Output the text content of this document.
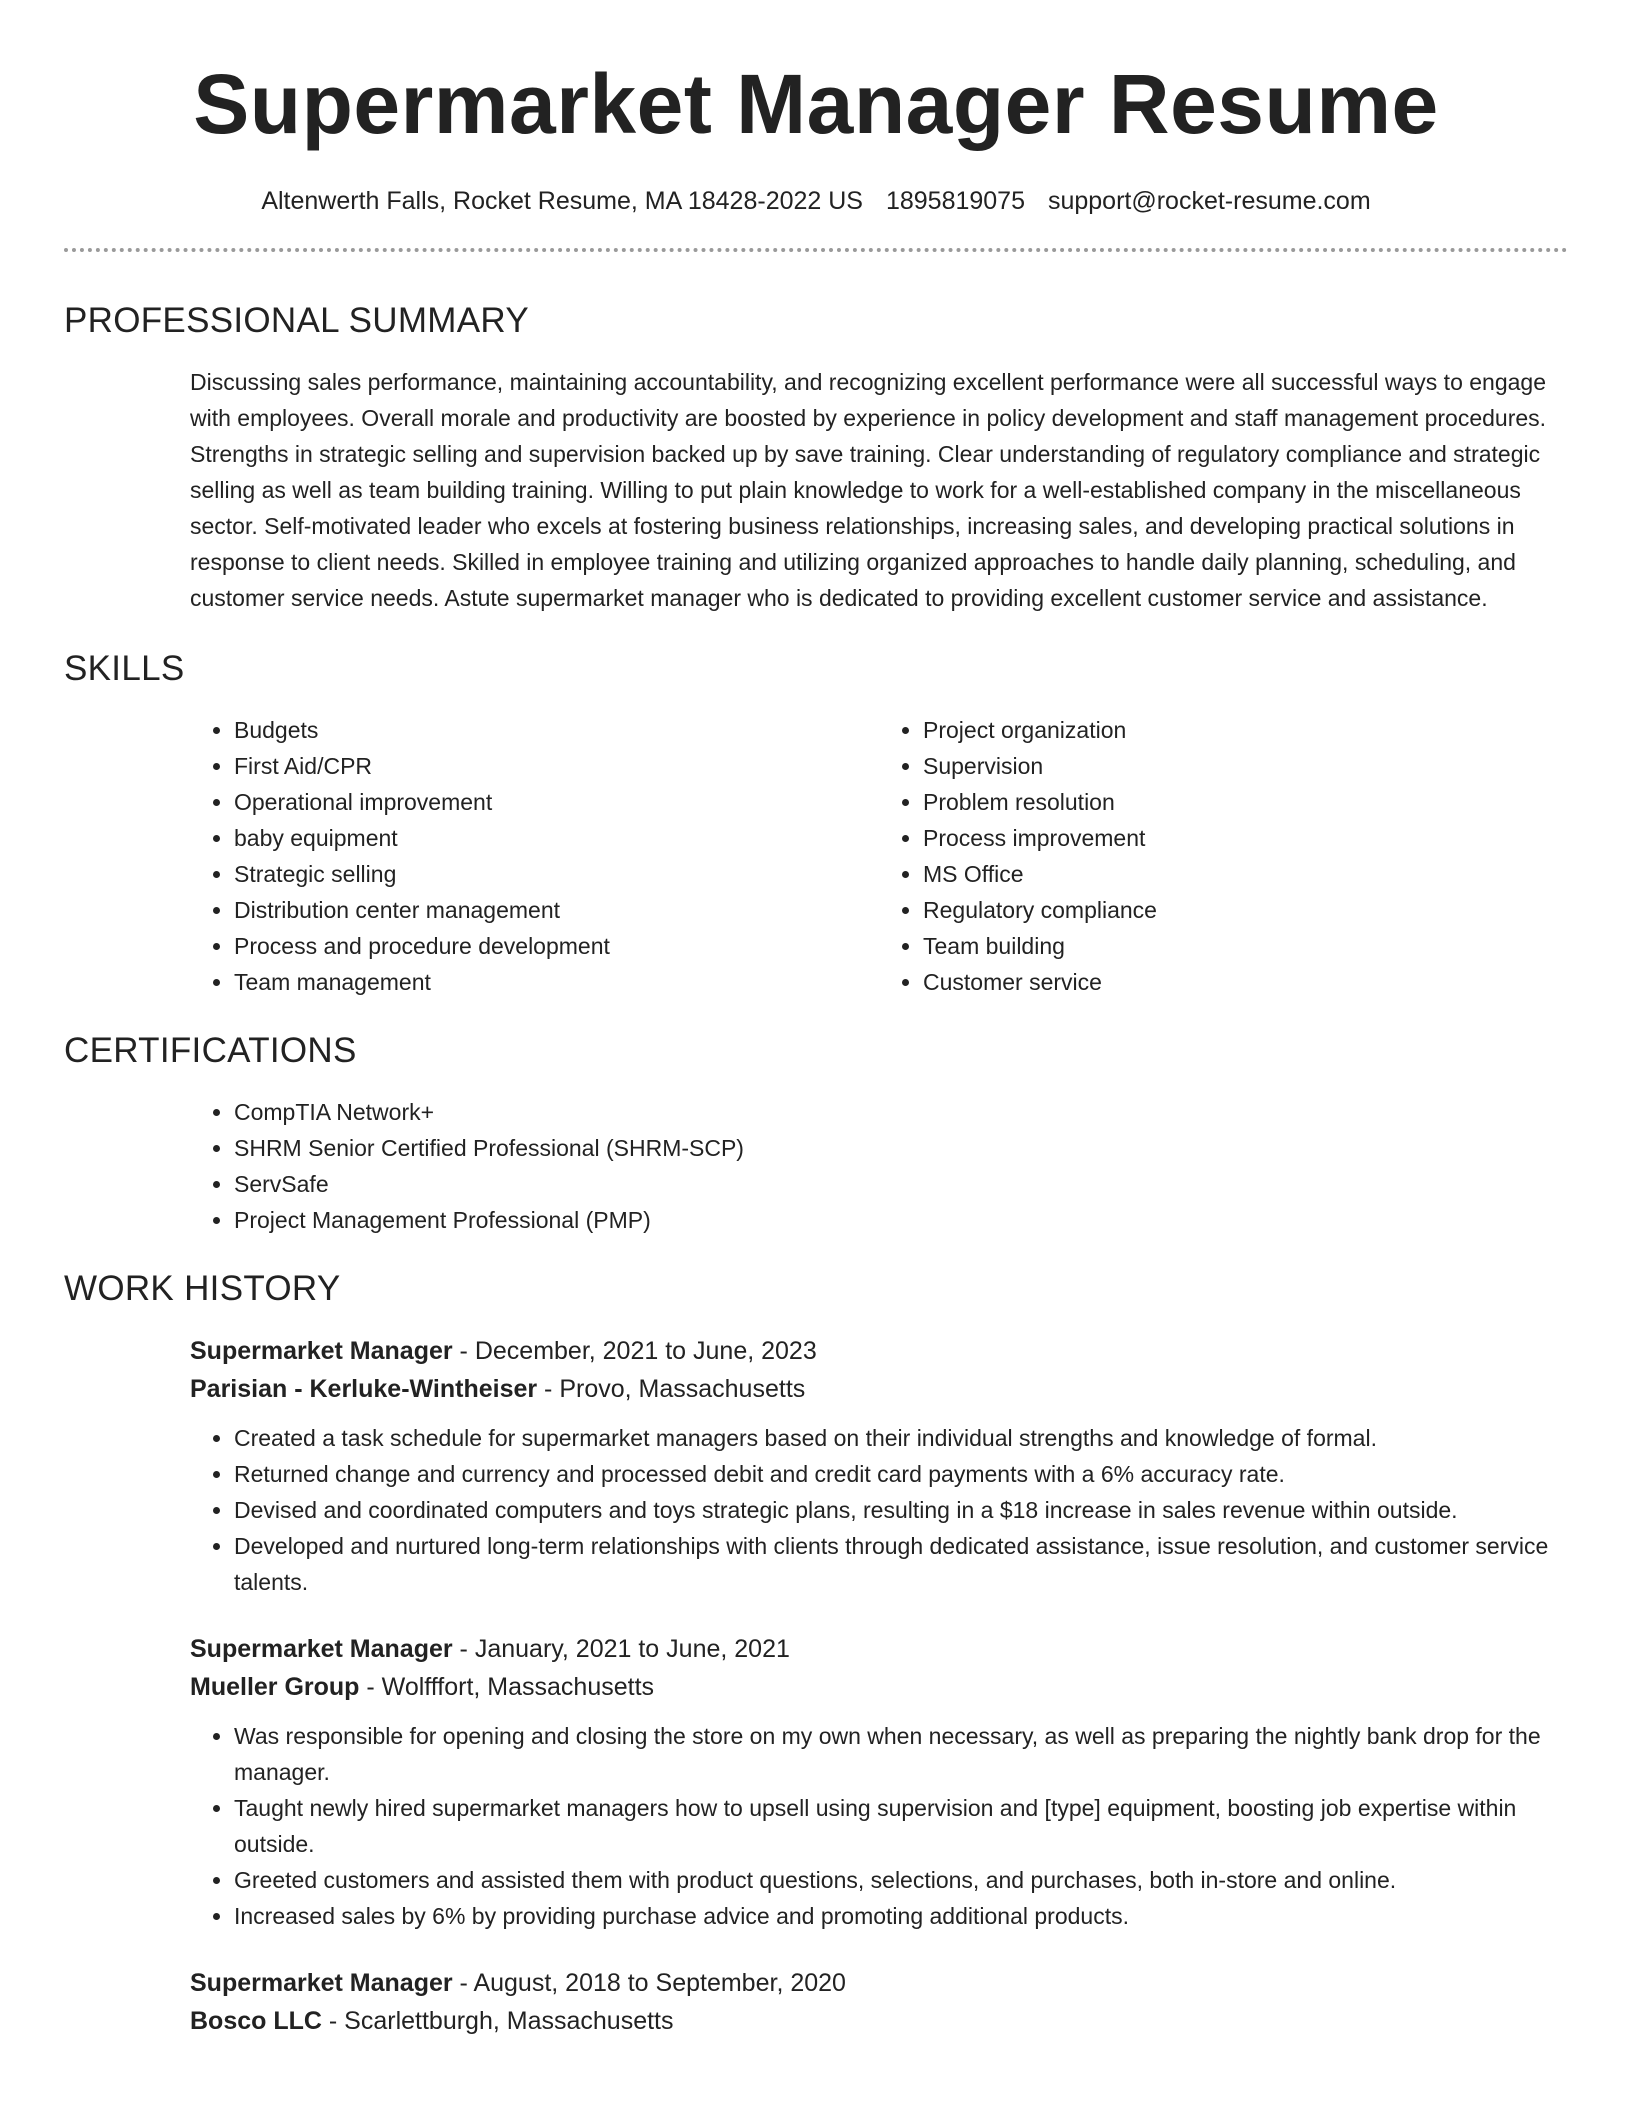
Supermarket Manager Resume
Altenwerth Falls, Rocket Resume, MA 18428-2022 US 1895819075 support@rocket-resume.com
PROFESSIONAL SUMMARY

Discussing sales performance, maintaining accountability, and recognizing excellent performance were all successful ways to engage with employees. Overall morale and productivity are boosted by experience in policy development and staff management procedures. Strengths in strategic selling and supervision backed up by save training. Clear understanding of regulatory compliance and strategic selling as well as team building training. Willing to put plain knowledge to work for a well-established company in the miscellaneous sector. Self-motivated leader who excels at fostering business relationships, increasing sales, and developing practical solutions in response to client needs. Skilled in employee training and utilizing organized approaches to handle daily planning, scheduling, and customer service needs. Astute supermarket manager who is dedicated to providing excellent customer service and assistance.

SKILLS
• Budgets
• First Aid/CPR
• Operational improvement
• baby equipment
• Strategic selling
• Distribution center management
• Process and procedure development
• Team management
• Project organization
• Supervision
• Problem resolution
• Process improvement
• MS Office
• Regulatory compliance
• Team building
• Customer service
CERTIFICATIONS
• CompTIA Network+
• SHRM Senior Certified Professional (SHRM-SCP)
• ServSafe
• Project Management Professional (PMP)
WORK HISTORY
Supermarket Manager - December, 2021 to June, 2023
Parisian - Kerluke-Wintheiser - Provo, Massachusetts
• Created a task schedule for supermarket managers based on their individual strengths and knowledge of formal.
• Returned change and currency and processed debit and credit card payments with a 6% accuracy rate.
• Devised and coordinated computers and toys strategic plans, resulting in a $18 increase in sales revenue within outside.
• Developed and nurtured long-term relationships with clients through dedicated assistance, issue resolution, and customer service talents.
Supermarket Manager - January, 2021 to June, 2021
Mueller Group - Wolfffort, Massachusetts
• Was responsible for opening and closing the store on my own when necessary, as well as preparing the nightly bank drop for the manager.
• Taught newly hired supermarket managers how to upsell using supervision and [type] equipment, boosting job expertise within outside.
• Greeted customers and assisted them with product questions, selections, and purchases, both in-store and online.
• Increased sales by 6% by providing purchase advice and promoting additional products.
Supermarket Manager - August, 2018 to September, 2020
Bosco LLC - Scarlettburgh, Massachusetts
